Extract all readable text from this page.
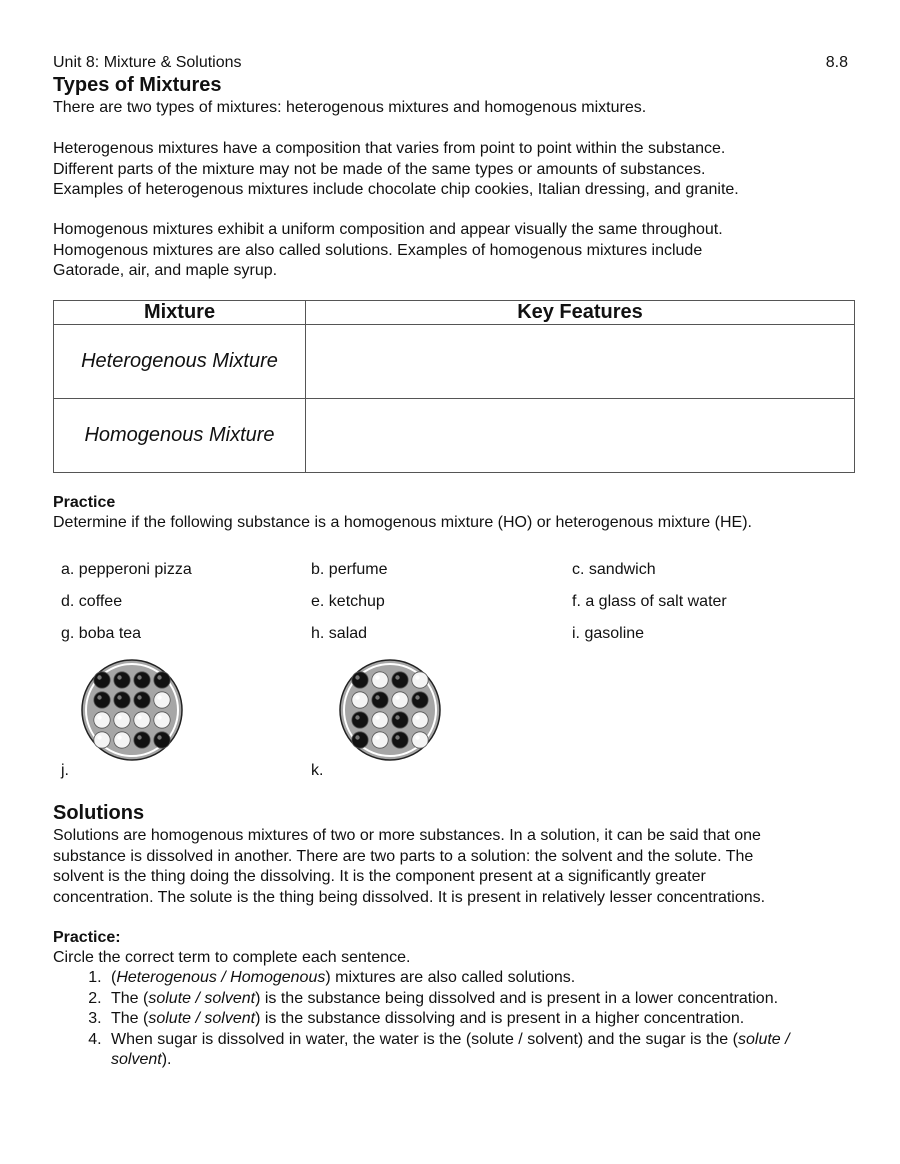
Unit 8: Mixture & Solutions	8.8
Types of Mixtures
There are two types of mixtures: heterogenous mixtures and homogenous mixtures.
Heterogenous mixtures have a composition that varies from point to point within the substance.
Different parts of the mixture may not be made of the same types or amounts of substances.
Examples of heterogenous mixtures include chocolate chip cookies, Italian dressing, and granite.
Homogenous mixtures exhibit a uniform composition and appear visually the same throughout.
Homogenous mixtures are also called solutions. Examples of homogenous mixtures include
Gatorade, air, and maple syrup.
Mixture	Key Features
Heterogenous Mixture	
Homogenous Mixture	
Practice
Determine if the following substance is a homogenous mixture (HO) or heterogenous mixture (HE).
a. pepperoni pizza	b. perfume	c. sandwich
d. coffee	e. ketchup	f. a glass of salt water
g. boba tea	h. salad	i. gasoline
j.	k.
Solutions
Solutions are homogenous mixtures of two or more substances. In a solution, it can be said that one
substance is dissolved in another. There are two parts to a solution: the solvent and the solute. The
solvent is the thing doing the dissolving. It is the component present at a significantly greater
concentration. The solute is the thing being dissolved. It is present in relatively lesser concentrations.
Practice:
Circle the correct term to complete each sentence.
1. (Heterogenous / Homogenous) mixtures are also called solutions.
2. The (solute / solvent) is the substance being dissolved and is present in a lower concentration.
3. The (solute / solvent) is the substance dissolving and is present in a higher concentration.
4. When sugar is dissolved in water, the water is the (solute / solvent) and the sugar is the (solute / solvent).
